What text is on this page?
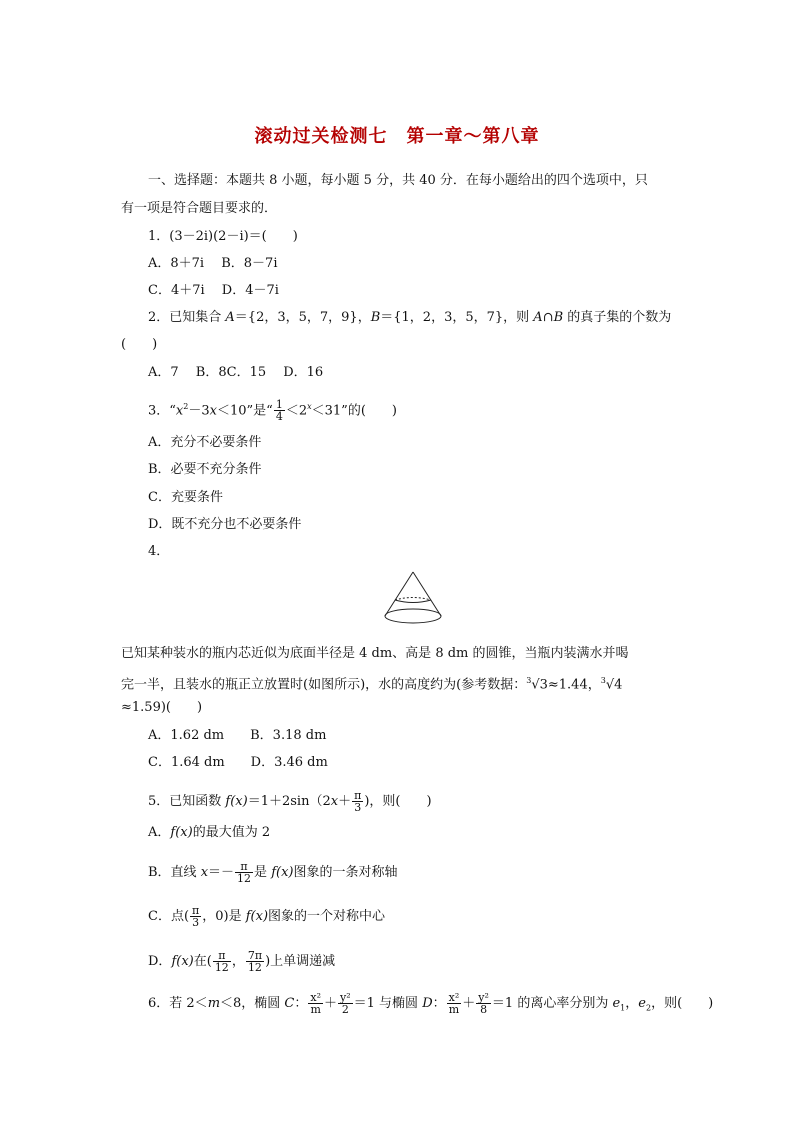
滚动过关检测七　第一章～第八章
一、选择题：本题共 8 小题，每小题 5 分，共 40 分．在每小题给出的四个选项中，只
有一项是符合题目要求的．
1．(3－2i)(2－i)＝(　　)
A．8＋7i　 B．8－7i
C．4＋7i　 D．4－7i
2．已知集合 A＝{2，3，5，7，9}，B＝{1，2，3，5，7}，则 A∩B 的真子集的个数为
(　　)
A．7　 B．8C．15　 D．16
3．“$x^2-3x<10$”是“ $\frac{1}{4} <2^x<31$”的(　　)
A．充分不必要条件
B．必要不充分条件
C．充要条件
D．既不充分也不必要条件
4．
已知某种装水的瓶内芯近似为底面半径是 4 dm、高是 8 dm 的圆锥，当瓶内装满水并喝
完一半，且装水的瓶正立放置时(如图所示)，水的高度约为(参考数据：$^3$√3≈1.44，$^3$√4
≈1.59)(　　)
A．1.62 dm　　B．3.18 dm
C．1.64 dm　　D．3.46 dm
5．已知函数 $f(x)=1+2\sin(2x+ \frac{\pi}{3}$ )，则(　　)
A．f(x)的最大值为 2
B．直线 $x=- \frac{\pi}{12}$ 是 f(x)图象的一条对称轴
C．点( $\frac{\pi}{3}$ ，0)是 f(x)图象的一个对称中心
D．f(x)在( $\frac{\pi}{12}$ ， $\frac{7\pi}{12}$ )上单调递减
6．若 2＜m＜8，椭圆 C： $\frac{\text{x²}}{m} + \frac{\text{y²}}{2} =1$ 与椭圆 D： $\frac{\text{x²}}{m} + \frac{\text{y²}}{8} =1$ 的离心率分别为 $e_1$，$e_2$，则(　　)
